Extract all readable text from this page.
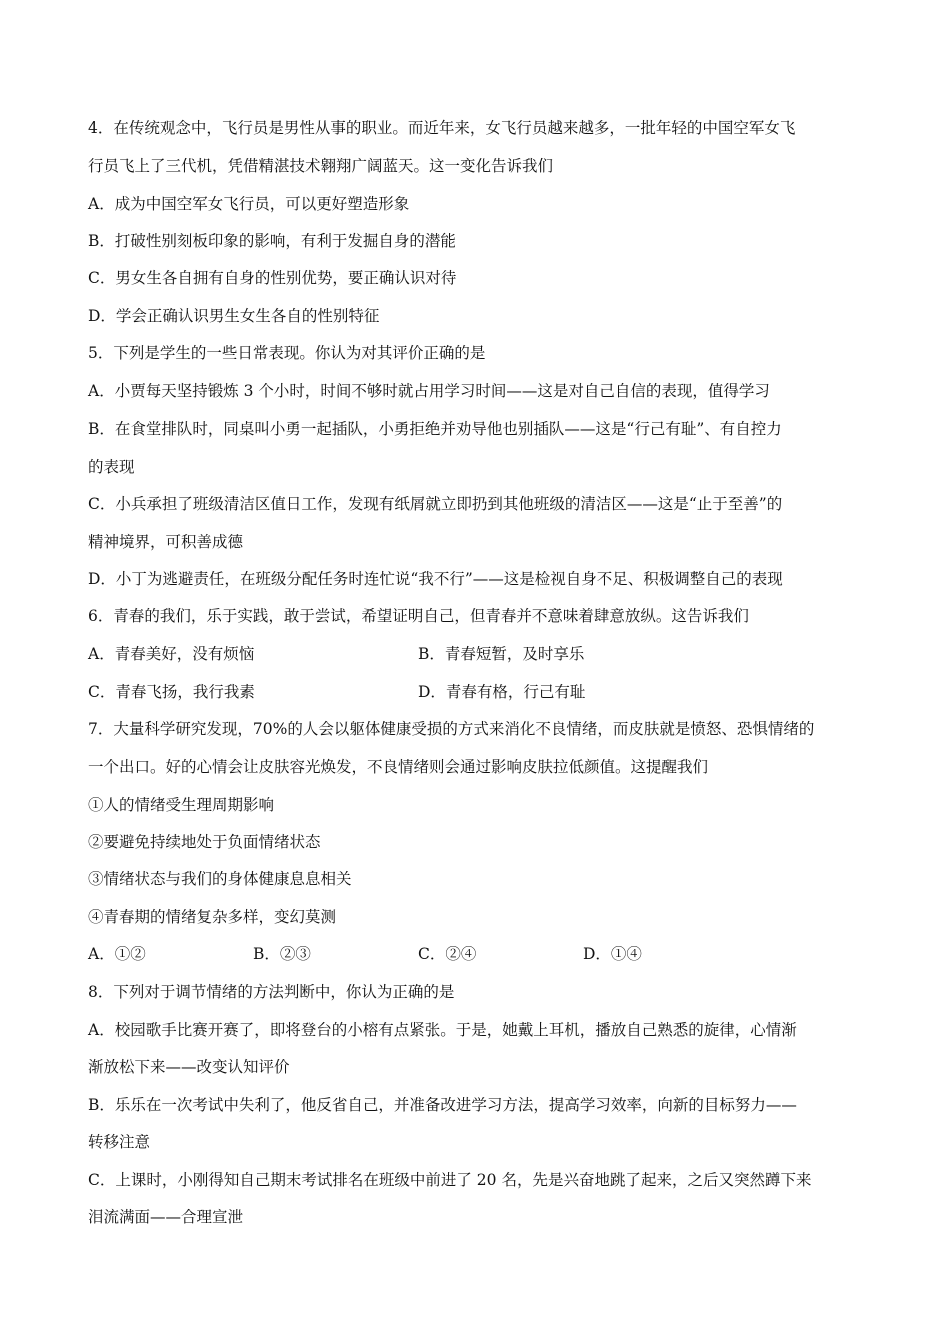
4．在传统观念中，飞行员是男性从事的职业。而近年来，女飞行员越来越多，一批年轻的中国空军女飞
行员飞上了三代机，凭借精湛技术翱翔广阔蓝天。这一变化告诉我们
A．成为中国空军女飞行员，可以更好塑造形象
B．打破性别刻板印象的影响，有利于发掘自身的潜能
C．男女生各自拥有自身的性别优势，要正确认识对待
D．学会正确认识男生女生各自的性别特征
5．下列是学生的一些日常表现。你认为对其评价正确的是
A．小贾每天坚持锻炼 3 个小时，时间不够时就占用学习时间——这是对自己自信的表现，值得学习
B．在食堂排队时，同桌叫小勇一起插队，小勇拒绝并劝导他也别插队——这是“行己有耻”、有自控力
的表现
C．小兵承担了班级清洁区值日工作，发现有纸屑就立即扔到其他班级的清洁区——这是“止于至善”的
精神境界，可积善成德
D．小丁为逃避责任，在班级分配任务时连忙说“我不行”——这是检视自身不足、积极调整自己的表现
6．青春的我们，乐于实践，敢于尝试，希望证明自己，但青春并不意味着肆意放纵。这告诉我们
A．青春美好，没有烦恼	B．青春短暂，及时享乐
C．青春飞扬，我行我素	D．青春有格，行己有耻
7．大量科学研究发现，70%的人会以躯体健康受损的方式来消化不良情绪，而皮肤就是愤怒、恐惧情绪的
一个出口。好的心情会让皮肤容光焕发，不良情绪则会通过影响皮肤拉低颜值。这提醒我们
①人的情绪受生理周期影响
②要避免持续地处于负面情绪状态
③情绪状态与我们的身体健康息息相关
④青春期的情绪复杂多样，变幻莫测
A．①②	B．②③	C．②④	D．①④
8．下列对于调节情绪的方法判断中，你认为正确的是
A．校园歌手比赛开赛了，即将登台的小榕有点紧张。于是，她戴上耳机，播放自己熟悉的旋律，心情渐
渐放松下来——改变认知评价
B．乐乐在一次考试中失利了，他反省自己，并准备改进学习方法，提高学习效率，向新的目标努力——
转移注意
C．上课时，小刚得知自己期末考试排名在班级中前进了 20 名，先是兴奋地跳了起来，之后又突然蹲下来
泪流满面——合理宣泄
